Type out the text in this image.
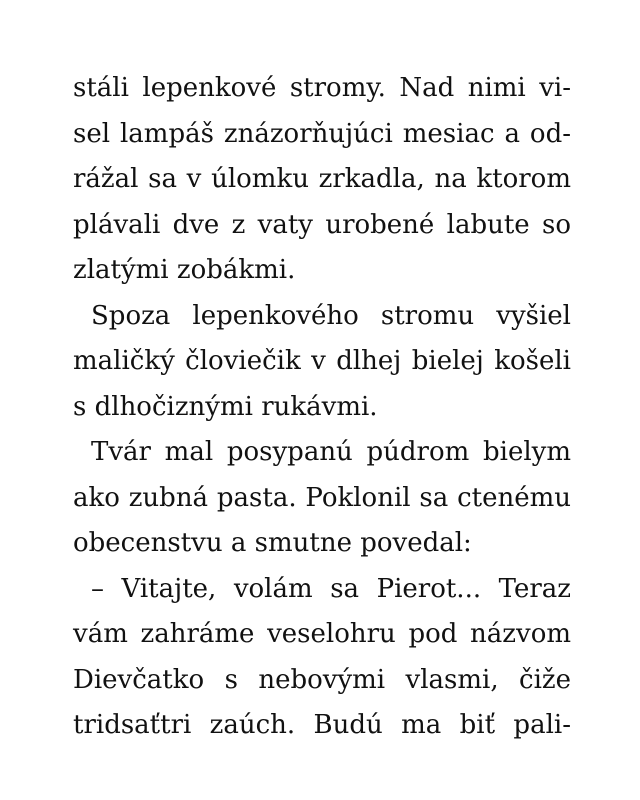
stáli lepenkové stromy. Nad nimi vi-
sel lampáš znázorňujúci mesiac a od-
rážal sa v úlomku zrkadla, na ktorom
plávali dve z vaty urobené labute so
zlatými zobákmi.
Spoza lepenkového stromu vyšiel
maličký človiečik v dlhej bielej košeli
s dlhočiznými rukávmi.
Tvár mal posypanú púdrom bielym
ako zubná pasta. Poklonil sa ctenému
obecenstvu a smutne povedal:
– Vitajte, volám sa Pierot... Teraz
vám zahráme veselohru pod názvom
Dievčatko s nebovými vlasmi, čiže
tridsaťtri zaúch. Budú ma biť pali-
